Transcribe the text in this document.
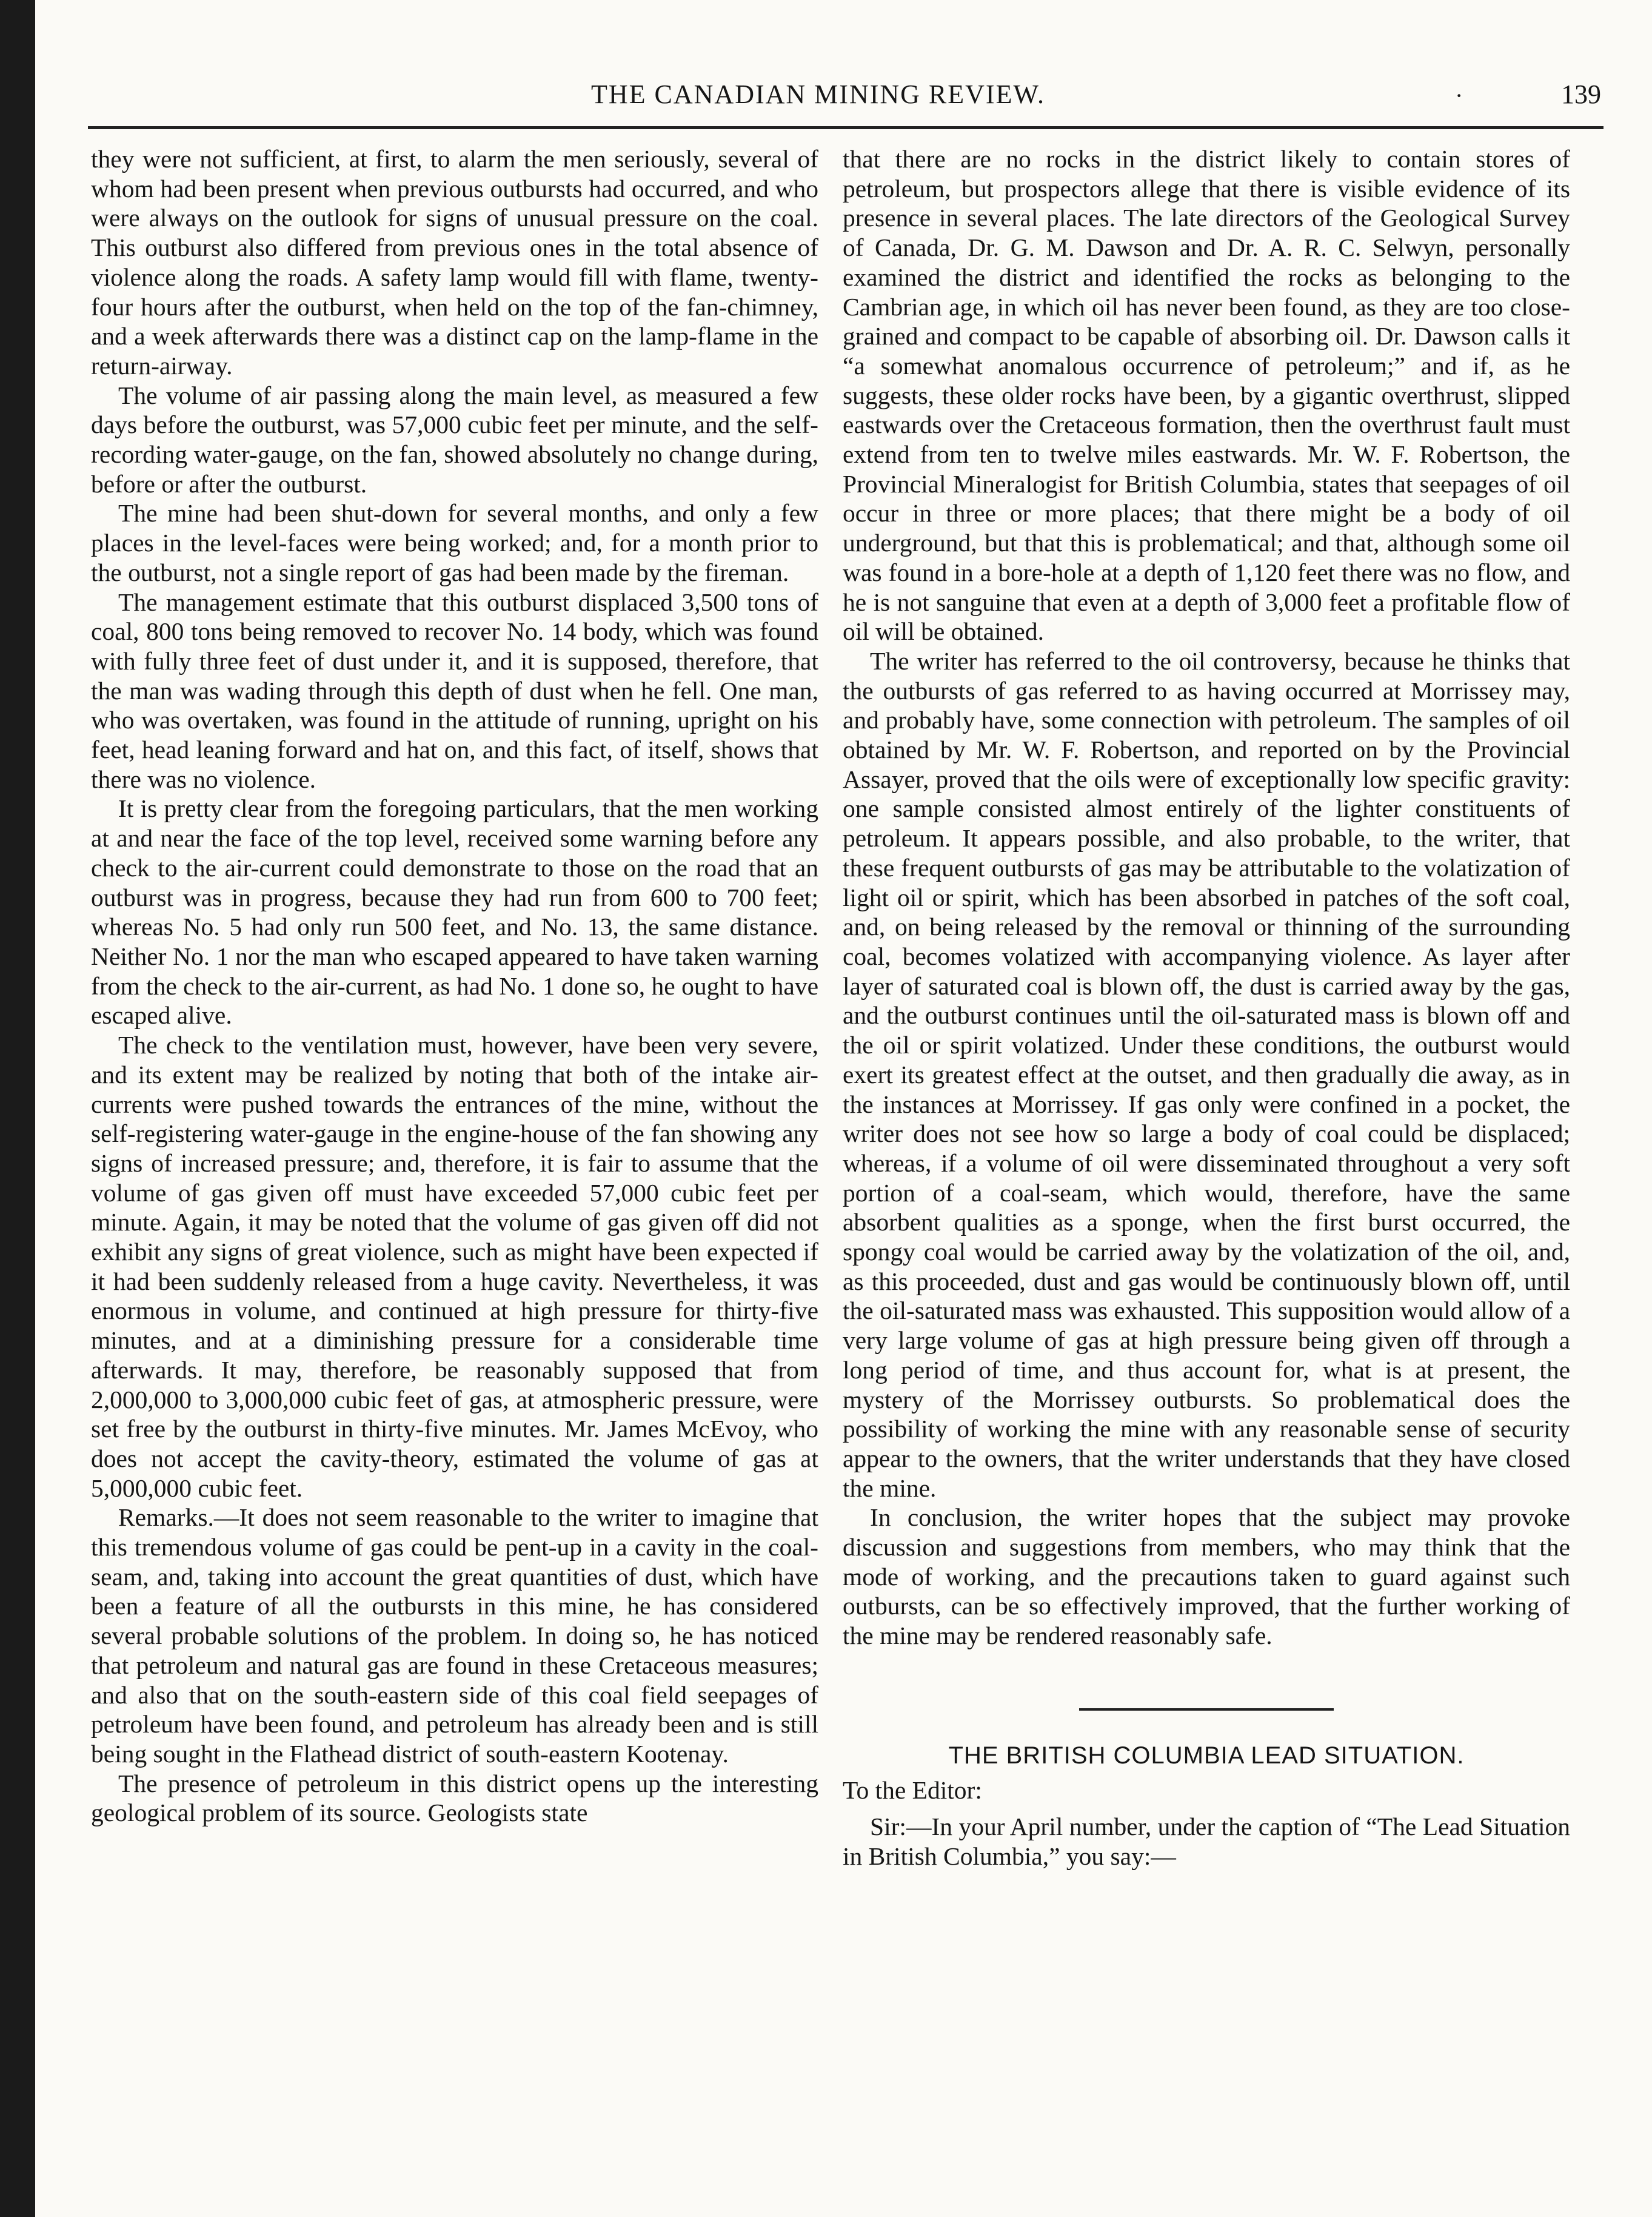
THE CANADIAN MINING REVIEW.	·	139

they were not sufficient, at first, to alarm the men seriously, several of whom had been present when previous outbursts had occurred, and who were always on the outlook for signs of unusual pressure on the coal. This outburst also differed from previous ones in the total absence of violence along the roads. A safety lamp would fill with flame, twenty-four hours after the outburst, when held on the top of the fan-chimney, and a week afterwards there was a distinct cap on the lamp-flame in the return-airway.

The volume of air passing along the main level, as measured a few days before the outburst, was 57,000 cubic feet per minute, and the self-recording water-gauge, on the fan, showed absolutely no change during, before or after the outburst.

The mine had been shut-down for several months, and only a few places in the level-faces were being worked; and, for a month prior to the outburst, not a single report of gas had been made by the fireman.

The management estimate that this outburst displaced 3,500 tons of coal, 800 tons being removed to recover No. 14 body, which was found with fully three feet of dust under it, and it is supposed, therefore, that the man was wading through this depth of dust when he fell. One man, who was overtaken, was found in the attitude of running, upright on his feet, head leaning forward and hat on, and this fact, of itself, shows that there was no violence.

It is pretty clear from the foregoing particulars, that the men working at and near the face of the top level, received some warning before any check to the air-current could demonstrate to those on the road that an outburst was in progress, because they had run from 600 to 700 feet; whereas No. 5 had only run 500 feet, and No. 13, the same distance. Neither No. 1 nor the man who escaped appeared to have taken warning from the check to the air-current, as had No. 1 done so, he ought to have escaped alive.

The check to the ventilation must, however, have been very severe, and its extent may be realized by noting that both of the intake air-currents were pushed towards the entrances of the mine, without the self-registering water-gauge in the engine-house of the fan showing any signs of increased pressure; and, therefore, it is fair to assume that the volume of gas given off must have exceeded 57,000 cubic feet per minute. Again, it may be noted that the volume of gas given off did not exhibit any signs of great violence, such as might have been expected if it had been suddenly released from a huge cavity. Nevertheless, it was enormous in volume, and continued at high pressure for thirty-five minutes, and at a diminishing pressure for a considerable time afterwards. It may, therefore, be reasonably supposed that from 2,000,000 to 3,000,000 cubic feet of gas, at atmospheric pressure, were set free by the outburst in thirty-five minutes. Mr. James McEvoy, who does not accept the cavity-theory, estimated the volume of gas at 5,000,000 cubic feet.

Remarks.—It does not seem reasonable to the writer to imagine that this tremendous volume of gas could be pent-up in a cavity in the coal-seam, and, taking into account the great quantities of dust, which have been a feature of all the outbursts in this mine, he has considered several probable solutions of the problem. In doing so, he has noticed that petroleum and natural gas are found in these Cretaceous measures; and also that on the south-eastern side of this coal field seepages of petroleum have been found, and petroleum has already been and is still being sought in the Flathead district of south-eastern Kootenay.

The presence of petroleum in this district opens up the interesting geological problem of its source. Geologists state

that there are no rocks in the district likely to contain stores of petroleum, but prospectors allege that there is visible evidence of its presence in several places. The late directors of the Geological Survey of Canada, Dr. G. M. Dawson and Dr. A. R. C. Selwyn, personally examined the district and identified the rocks as belonging to the Cambrian age, in which oil has never been found, as they are too close-grained and compact to be capable of absorbing oil. Dr. Dawson calls it “a somewhat anomalous occurrence of petroleum;” and if, as he suggests, these older rocks have been, by a gigantic overthrust, slipped eastwards over the Cretaceous formation, then the overthrust fault must extend from ten to twelve miles eastwards. Mr. W. F. Robertson, the Provincial Mineralogist for British Columbia, states that seepages of oil occur in three or more places; that there might be a body of oil underground, but that this is problematical; and that, although some oil was found in a bore-hole at a depth of 1,120 feet there was no flow, and he is not sanguine that even at a depth of 3,000 feet a profitable flow of oil will be obtained.

The writer has referred to the oil controversy, because he thinks that the outbursts of gas referred to as having occurred at Morrissey may, and probably have, some connection with petroleum. The samples of oil obtained by Mr. W. F. Robertson, and reported on by the Provincial Assayer, proved that the oils were of exceptionally low specific gravity: one sample consisted almost entirely of the lighter constituents of petroleum. It appears possible, and also probable, to the writer, that these frequent outbursts of gas may be attributable to the volatization of light oil or spirit, which has been absorbed in patches of the soft coal, and, on being released by the removal or thinning of the surrounding coal, becomes volatized with accompanying violence. As layer after layer of saturated coal is blown off, the dust is carried away by the gas, and the outburst continues until the oil-saturated mass is blown off and the oil or spirit volatized. Under these conditions, the outburst would exert its greatest effect at the outset, and then gradually die away, as in the instances at Morrissey. If gas only were confined in a pocket, the writer does not see how so large a body of coal could be displaced; whereas, if a volume of oil were disseminated throughout a very soft portion of a coal-seam, which would, therefore, have the same absorbent qualities as a sponge, when the first burst occurred, the spongy coal would be carried away by the volatization of the oil, and, as this proceeded, dust and gas would be continuously blown off, until the oil-saturated mass was exhausted. This supposition would allow of a very large volume of gas at high pressure being given off through a long period of time, and thus account for, what is at present, the mystery of the Morrissey outbursts. So problematical does the possibility of working the mine with any reasonable sense of security appear to the owners, that the writer understands that they have closed the mine.

In conclusion, the writer hopes that the subject may provoke discussion and suggestions from members, who may think that the mode of working, and the precautions taken to guard against such outbursts, can be so effectively improved, that the further working of the mine may be rendered reasonably safe.

THE BRITISH COLUMBIA LEAD SITUATION.

To the Editor:

Sir:—In your April number, under the caption of “The Lead Situation in British Columbia,” you say:—
